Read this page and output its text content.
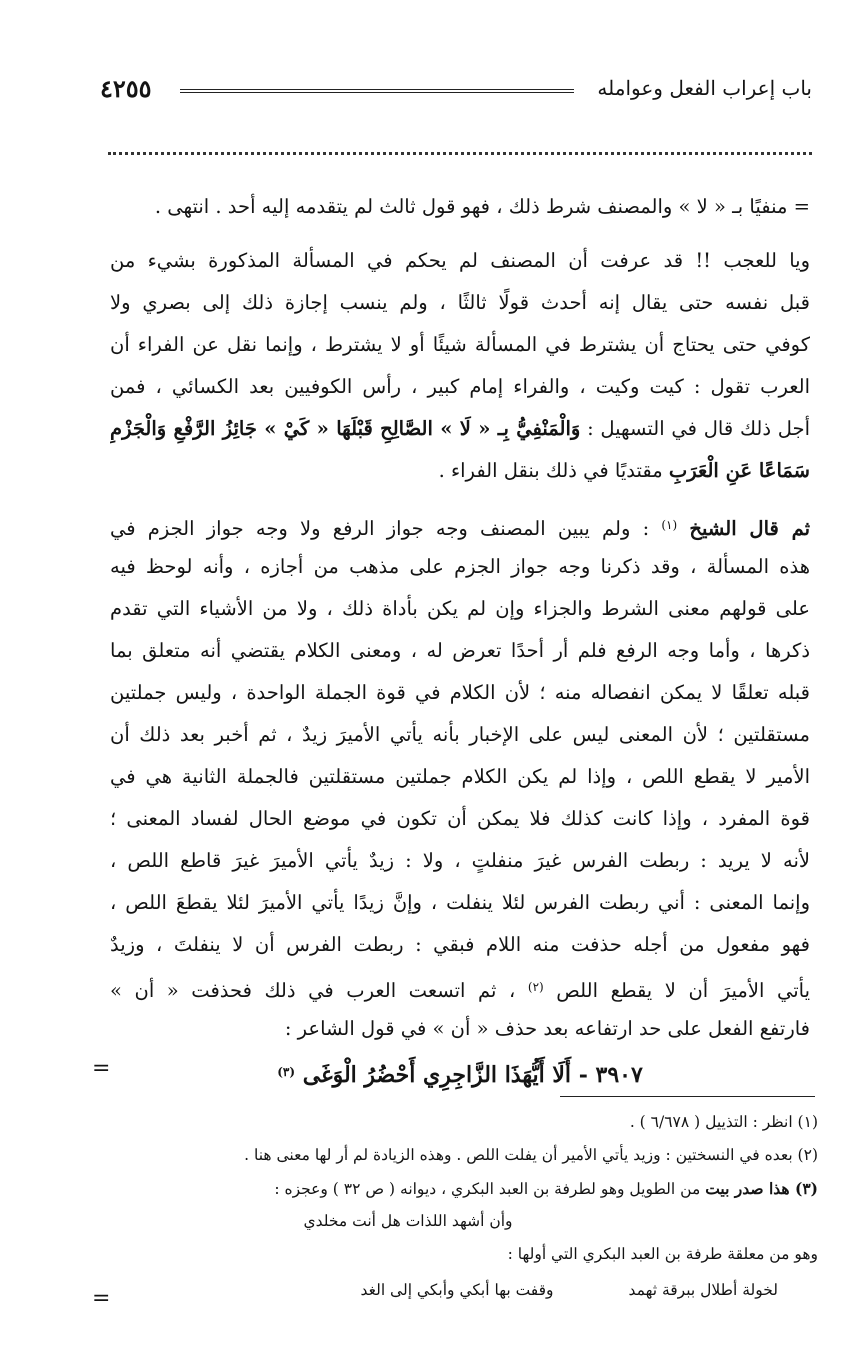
باب إعراب الفعل وعوامله
٤٢٥٥
= منفيًا بـ « لا » والمصنف شرط ذلك ، فهو قول ثالث لم يتقدمه إليه أحد . انتهى .
ويا للعجب !! قد عرفت أن المصنف لم يحكم في المسألة المذكورة بشيء من
قبل نفسه حتى يقال إنه أحدث قولًا ثالثًا ، ولم ينسب إجازة ذلك إلى بصري ولا
كوفي حتى يحتاج أن يشترط في المسألة شيئًا أو لا يشترط ، وإنما نقل عن الفراء أن
العرب تقول : كيت وكيت ، والفراء إمام كبير ، رأس الكوفيين بعد الكسائي ، فمن
أجل ذلك قال في التسهيل : وَالْمَنْفِيُّ بِـ « لَا » الصَّالِحِ قَبْلَهَا « كَيْ » جَائِزُ الرَّفْعِ وَالْجَزْمِ
سَمَاعًا عَنِ الْعَرَبِ مقتديًا في ذلك بنقل الفراء .
ثم قال الشيخ $^{(١)}$ : ولم يبين المصنف وجه جواز الرفع ولا وجه جواز الجزم في
هذه المسألة ، وقد ذكرنا وجه جواز الجزم على مذهب من أجازه ، وأنه لوحظ فيه
على قولهم معنى الشرط والجزاء وإن لم يكن بأداة ذلك ، ولا من الأشياء التي تقدم
ذكرها ، وأما وجه الرفع فلم أر أحدًا تعرض له ، ومعنى الكلام يقتضي أنه متعلق بما
قبله تعلقًا لا يمكن انفصاله منه ؛ لأن الكلام في قوة الجملة الواحدة ، وليس جملتين
مستقلتين ؛ لأن المعنى ليس على الإخبار بأنه يأتي الأميرَ زيدٌ ، ثم أخبر بعد ذلك أن
الأمير لا يقطع اللص ، وإذا لم يكن الكلام جملتين مستقلتين فالجملة الثانية هي في
قوة المفرد ، وإذا كانت كذلك فلا يمكن أن تكون في موضع الحال لفساد المعنى ؛
لأنه لا يريد : ربطت الفرس غيرَ منفلتٍ ، ولا : زيدٌ يأتي الأميرَ غيرَ قاطع اللص ،
وإنما المعنى : أني ربطت الفرس لئلا ينفلت ، وإنَّ زيدًا يأتي الأميرَ لئلا يقطعَ اللص ،
فهو مفعول من أجله حذفت منه اللام فبقي : ربطت الفرس أن لا ينفلتَ ، وزيدٌ
يأتي الأميرَ أن لا يقطع اللص $^{(٢)}$ ، ثم اتسعت العرب في ذلك فحذفت « أن »
فارتفع الفعل على حد ارتفاعه بعد حذف « أن » في قول الشاعر :
٣٩٠٧ - أَلَا أَيُّهَذَا الزَّاجِرِي أَحْضُرُ الْوَغَى $^{(٣)}$
=
(١) انظر : التذييل ( ٦/٦٧٨ ) .
(٢) بعده في النسختين : وزيد يأتي الأمير أن يفلت اللص . وهذه الزيادة لم أر لها معنى هنا .
(٣) هذا صدر بيت من الطويل وهو لطرفة بن العبد البكري ، ديوانه ( ص ٣٢ ) وعجزه :
وأن أشهد اللذات هل أنت مخلدي
وهو من معلقة طرفة بن العبد البكري التي أولها :
لخولة أطلال ببرقة ثهمد وقفت بها أبكي وأبكي إلى الغد
=
